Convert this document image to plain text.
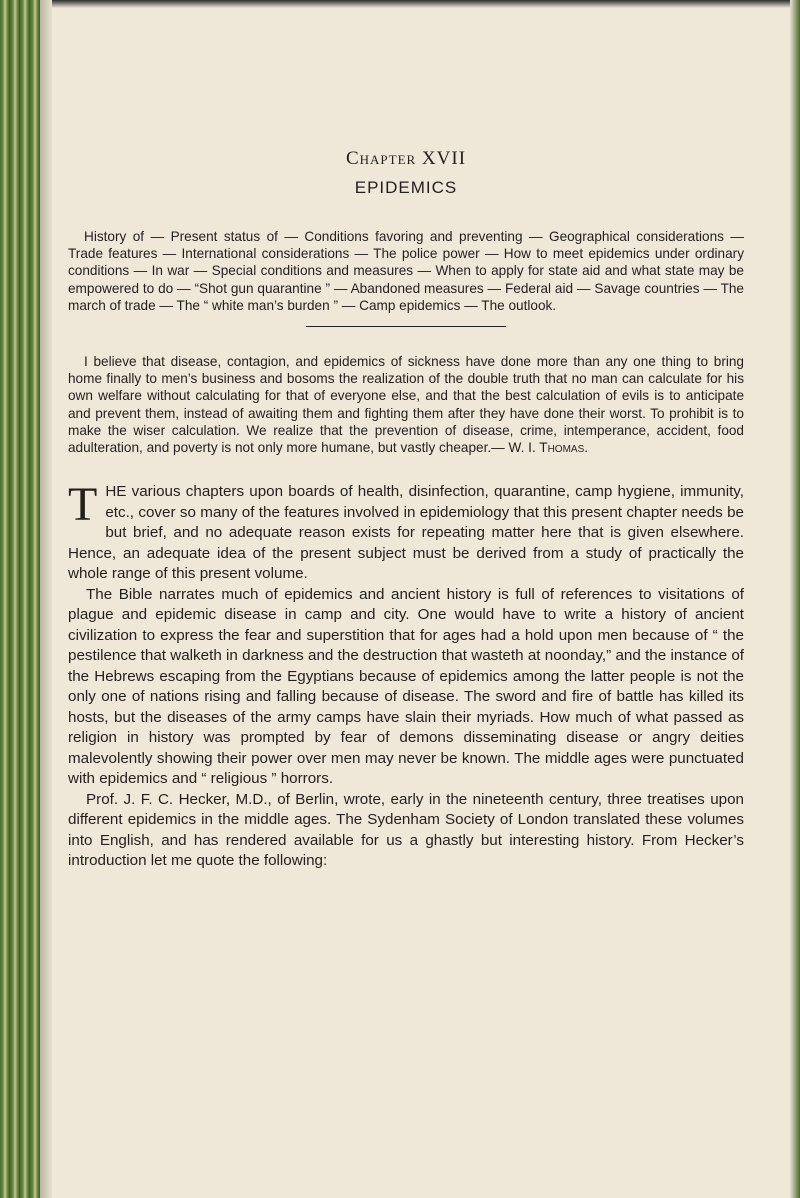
Chapter XVII
EPIDEMICS

History of — Present status of — Conditions favoring and preventing — Geographical considerations — Trade features — International considerations — The police power — How to meet epidemics under ordinary conditions — In war — Special conditions and measures — When to apply for state aid and what state may be empowered to do — “Shot gun quarantine ” — Abandoned measures — Federal aid — Savage countries — The march of trade — The “ white man’s burden ” — Camp epidemics — The outlook.

I believe that disease, contagion, and epidemics of sickness have done more than any one thing to bring home finally to men’s business and bosoms the realization of the double truth that no man can calculate for his own welfare without calculating for that of everyone else, and that the best calculation of evils is to anticipate and prevent them, instead of awaiting them and fighting them after they have done their worst. To prohibit is to make the wiser calculation. We realize that the prevention of disease, crime, intemperance, accident, food adulteration, and poverty is not only more humane, but vastly cheaper.— W. I. Thomas.

THE various chapters upon boards of health, disinfection, quarantine, camp hygiene, immunity, etc., cover so many of the features involved in epidemiology that this present chapter needs be but brief, and no adequate reason exists for repeating matter here that is given elsewhere. Hence, an adequate idea of the present subject must be derived from a study of practically the whole range of this present volume.

The Bible narrates much of epidemics and ancient history is full of references to visitations of plague and epidemic disease in camp and city. One would have to write a history of ancient civilization to express the fear and superstition that for ages had a hold upon men because of “ the pestilence that walketh in darkness and the destruction that wasteth at noonday,” and the instance of the Hebrews escaping from the Egyptians because of epidemics among the latter people is not the only one of nations rising and falling because of disease. The sword and fire of battle has killed its hosts, but the diseases of the army camps have slain their myriads. How much of what passed as religion in history was prompted by fear of demons disseminating disease or angry deities malevolently showing their power over men may never be known. The middle ages were punctuated with epidemics and “ religious ” horrors.

Prof. J. F. C. Hecker, M.D., of Berlin, wrote, early in the nineteenth century, three treatises upon different epidemics in the middle ages. The Sydenham Society of London translated these volumes into English, and has rendered available for us a ghastly but interesting history. From Hecker’s introduction let me quote the following:
